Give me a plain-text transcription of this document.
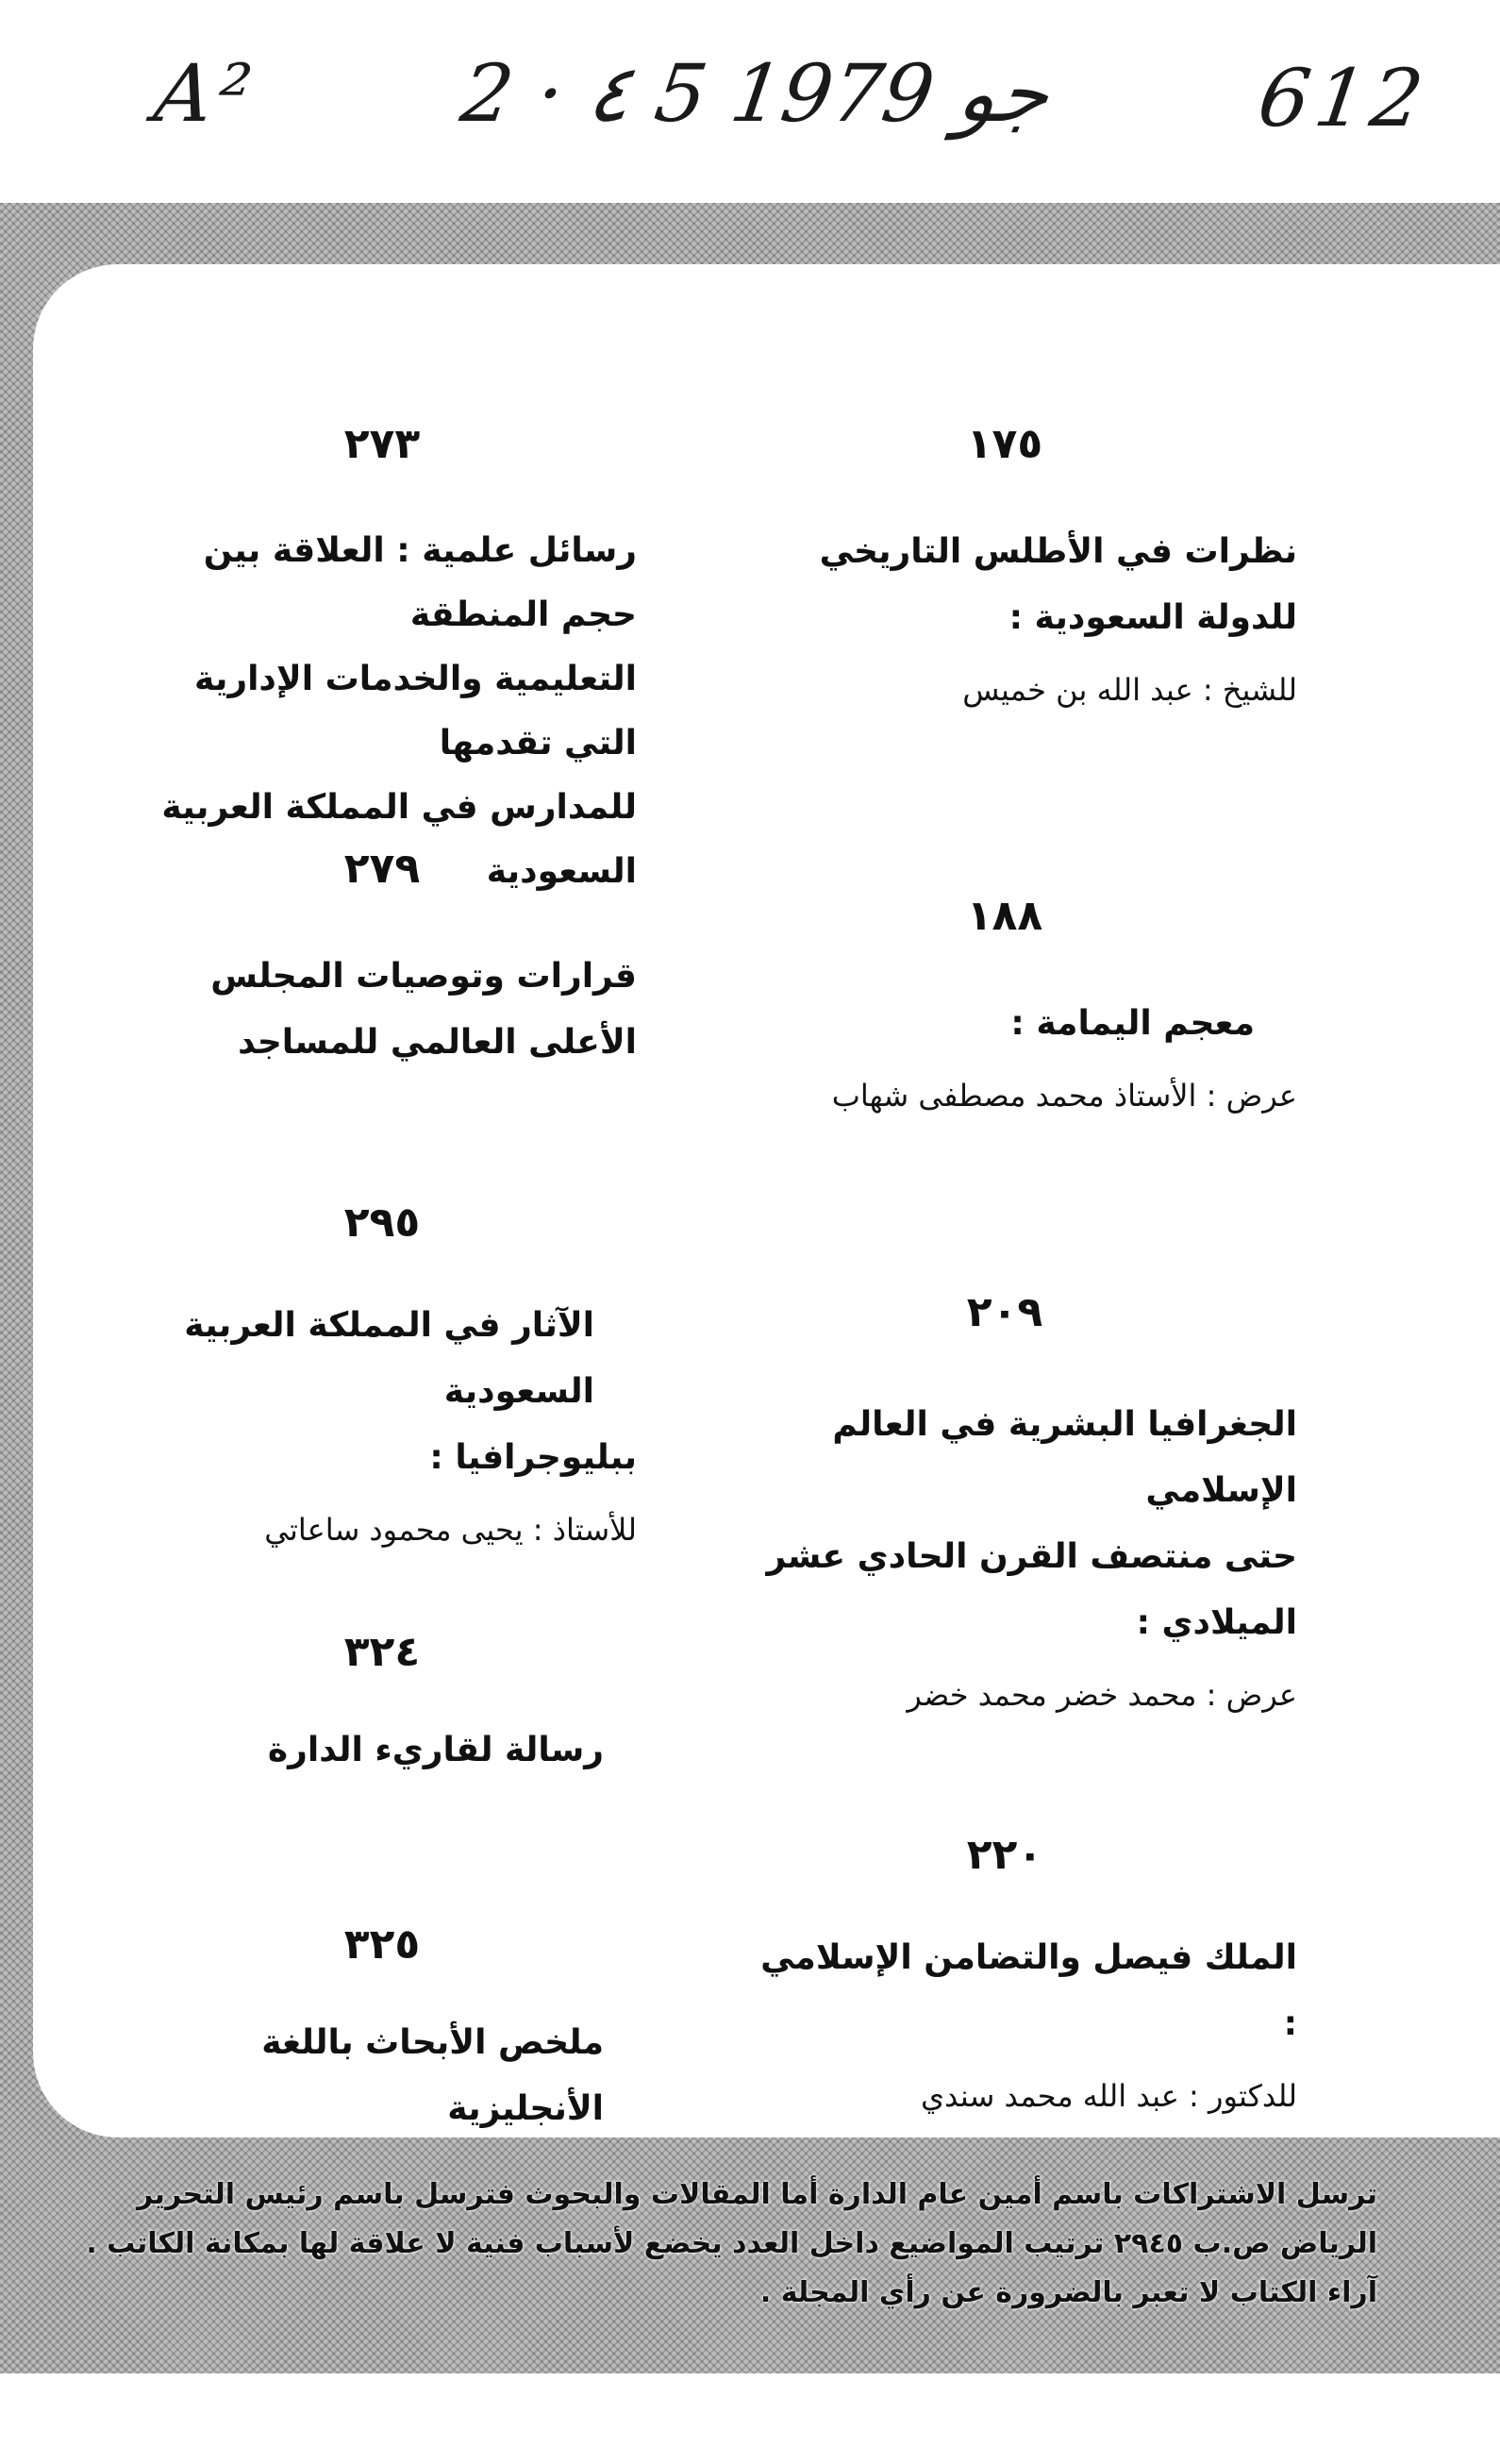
A² 2 · ٤ 5 جو 1979 612
١٧٥
نظرات في الأطلس التاريخي
للدولة السعودية :
للشيخ : عبد الله بن خميس
١٨٨
معجم اليمامة :
عرض : الأستاذ محمد مصطفى شهاب
٢٠٩
الجغرافيا البشرية في العالم الإسلامي
حتى منتصف القرن الحادي عشر
الميلادي :
عرض : محمد خضر محمد خضر
٢٢٠
الملك فيصل والتضامن الإسلامي :
للدكتور : عبد الله محمد سندي
٢٧٣
رسائل علمية : العلاقة بين حجم المنطقة
التعليمية والخدمات الإدارية التي تقدمها
للمدارس في المملكة العربية السعودية
٢٧٩
قرارات وتوصيات المجلس
الأعلى العالمي للمساجد
٢٩٥
الآثار في المملكة العربية السعودية
ببليوجرافيا :
للأستاذ : يحيى محمود ساعاتي
٣٢٤
رسالة لقاريء الدارة
٣٢٥
ملخص الأبحاث باللغة الأنجليزية
ترسل الاشتراكات باسم أمين عام الدارة أما المقالات والبحوث فترسل باسم رئيس التحرير
الرياض ص.ب ٢٩٤٥ ترتيب المواضيع داخل العدد يخضع لأسباب فنية لا علاقة لها بمكانة الكاتب .
آراء الكتاب لا تعبر بالضرورة عن رأي المجلة .
